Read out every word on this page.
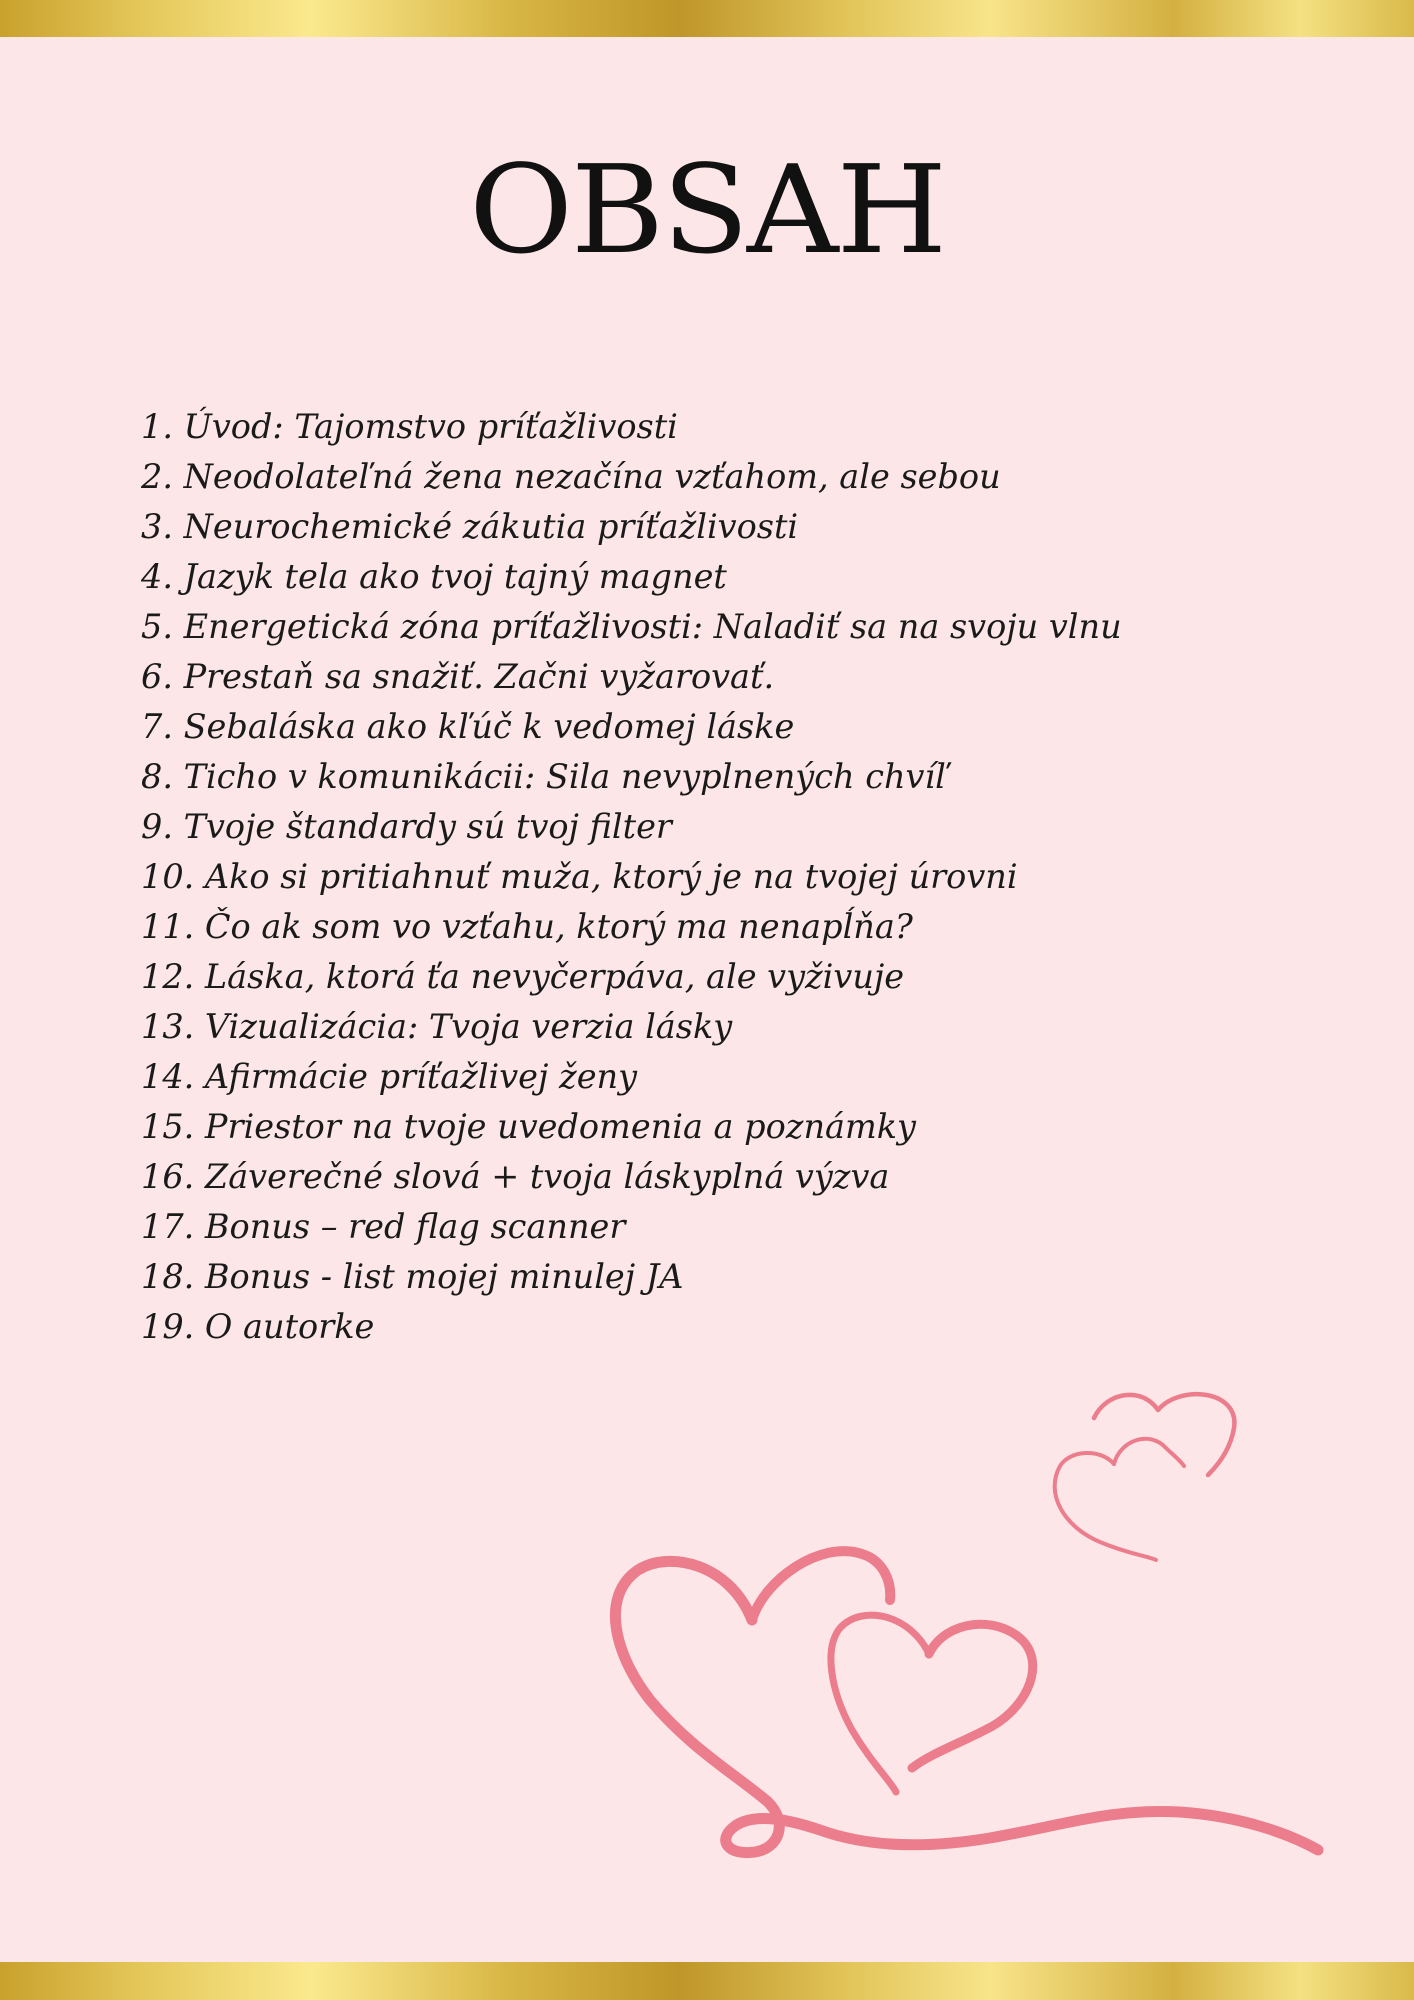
OBSAH
1. Úvod: Tajomstvo príťažlivosti
2. Neodolateľná žena nezačína vzťahom, ale sebou
3. Neurochemické zákutia príťažlivosti
4. Jazyk tela ako tvoj tajný magnet
5. Energetická zóna príťažlivosti: Naladiť sa na svoju vlnu
6. Prestaň sa snažiť. Začni vyžarovať.
7. Sebaláska ako kľúč k vedomej láske
8. Ticho v komunikácii: Sila nevyplnených chvíľ
9. Tvoje štandardy sú tvoj filter
10. Ako si pritiahnuť muža, ktorý je na tvojej úrovni
11. Čo ak som vo vzťahu, ktorý ma nenapĺňa?
12. Láska, ktorá ťa nevyčerpáva, ale vyživuje
13. Vizualizácia: Tvoja verzia lásky
14. Afirmácie príťažlivej ženy
15. Priestor na tvoje uvedomenia a poznámky
16. Záverečné slová + tvoja láskyplná výzva
17. Bonus – red flag scanner
18. Bonus - list mojej minulej JA
19. O autorke
